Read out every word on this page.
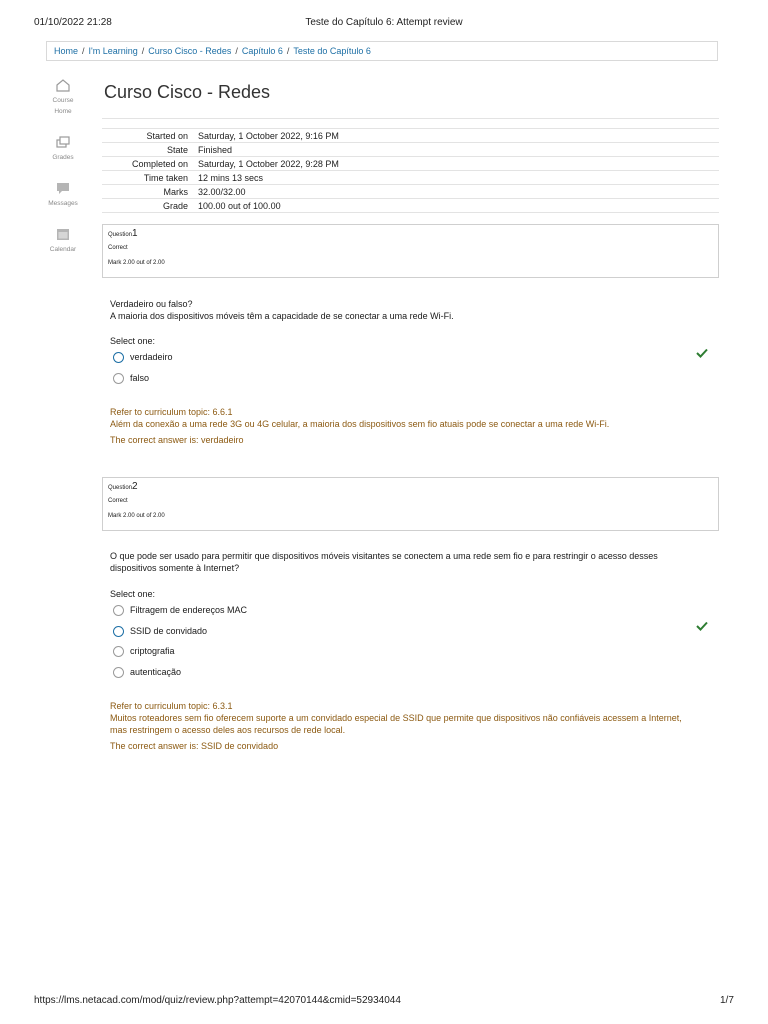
01/10/2022 21:28	Teste do Capítulo 6: Attempt review
Home / I'm Learning / Curso Cisco - Redes / Capítulo 6 / Teste do Capítulo 6
Course Home
Grades
Messages
Calendar
Curso Cisco - Redes
Started on	Saturday, 1 October 2022, 9:16 PM
State	Finished
Completed on	Saturday, 1 October 2022, 9:28 PM
Time taken	12 mins 13 secs
Marks	32.00/32.00
Grade	100.00 out of 100.00
Question1
Correct
Mark 2.00 out of 2.00
Verdadeiro ou falso?
A maioria dos dispositivos móveis têm a capacidade de se conectar a uma rede Wi-Fi.
Select one:
verdadeiro
falso
Refer to curriculum topic: 6.6.1
Além da conexão a uma rede 3G ou 4G celular, a maioria dos dispositivos sem fio atuais pode se conectar a uma rede Wi-Fi.
The correct answer is: verdadeiro
Question2
Correct
Mark 2.00 out of 2.00
O que pode ser usado para permitir que dispositivos móveis visitantes se conectem a uma rede sem fio e para restringir o acesso desses
dispositivos somente à Internet?
Select one:
Filtragem de endereços MAC
SSID de convidado
criptografia
autenticação
Refer to curriculum topic: 6.3.1
Muitos roteadores sem fio oferecem suporte a um convidado especial de SSID que permite que dispositivos não confiáveis acessem a Internet,
mas restringem o acesso deles aos recursos de rede local.
The correct answer is: SSID de convidado
https://lms.netacad.com/mod/quiz/review.php?attempt=42070144&cmid=52934044	1/7
